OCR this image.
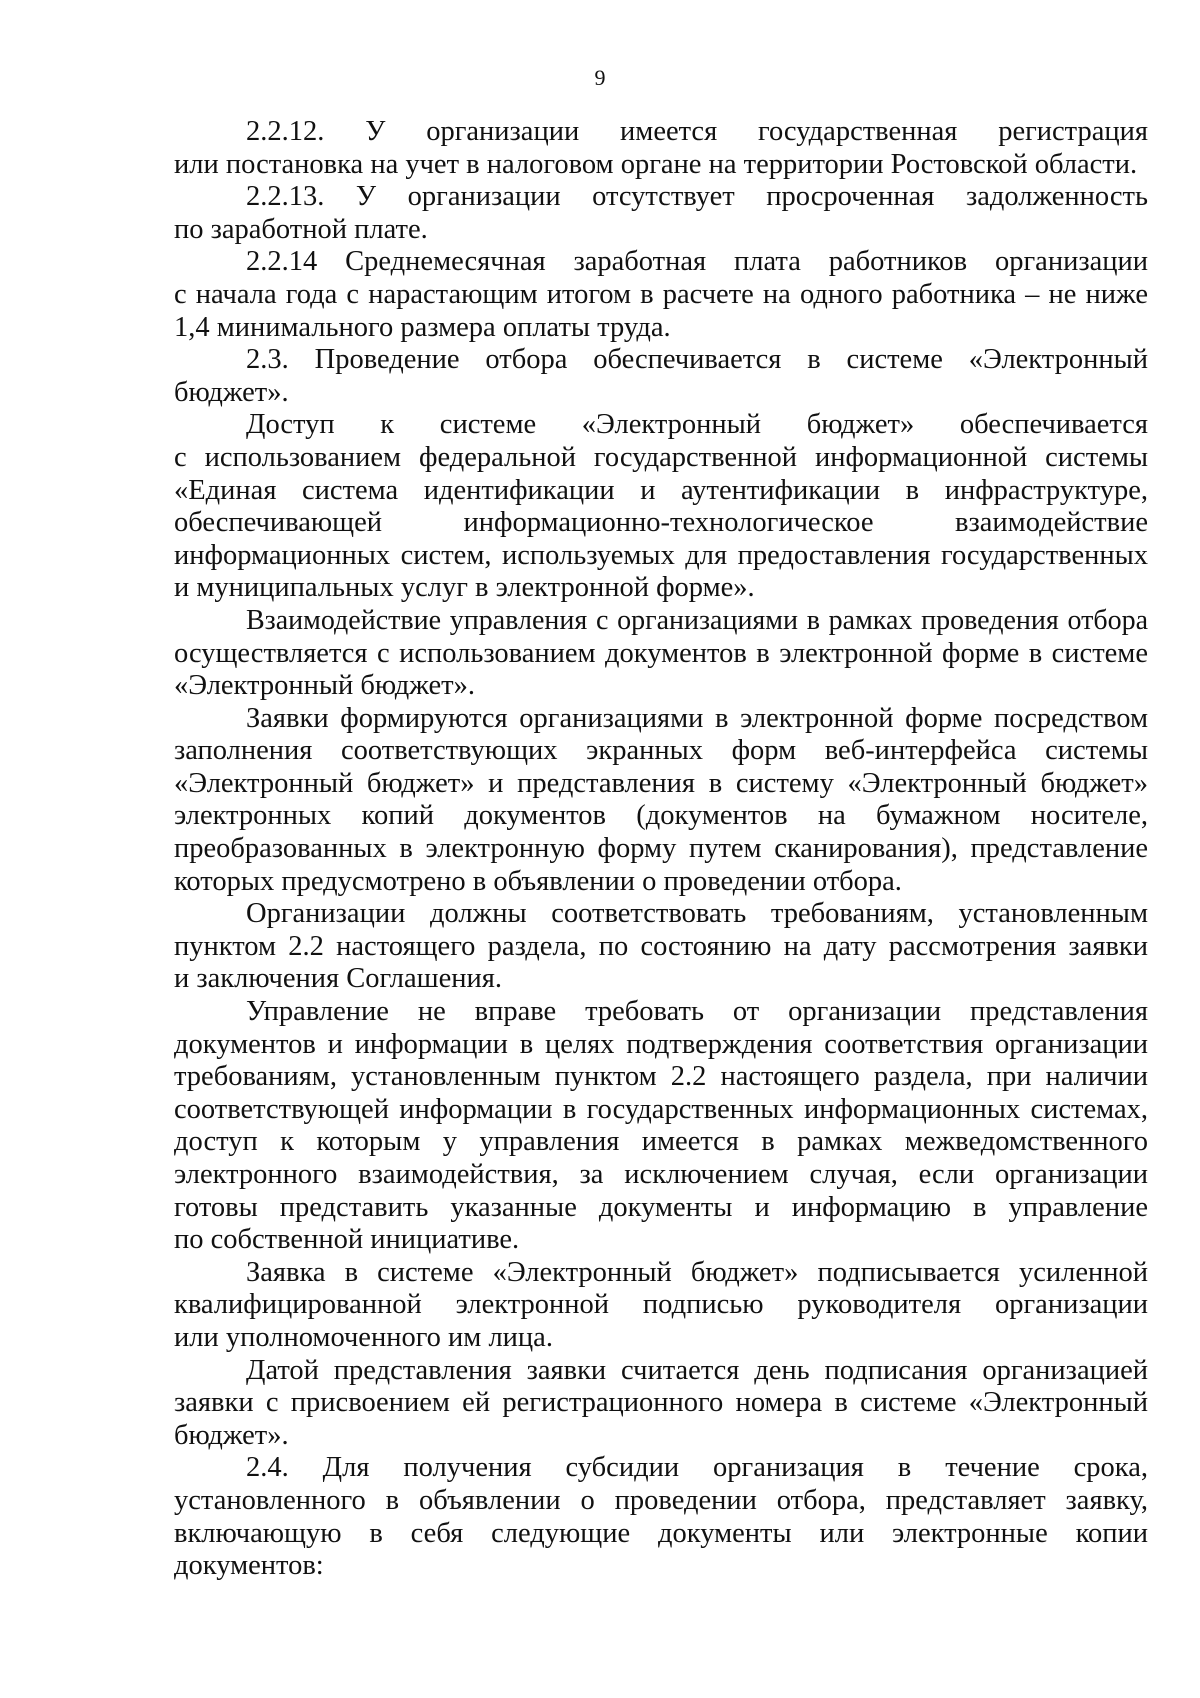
9
2.2.12. У организации имеется государственная регистрация
или постановка на учет в налоговом органе на территории Ростовской области.
2.2.13. У организации отсутствует просроченная задолженность
по заработной плате.
2.2.14 Среднемесячная заработная плата работников организации
с начала года с нарастающим итогом в расчете на одного работника – не ниже
1,4 минимального размера оплаты труда.
2.3. Проведение отбора обеспечивается в системе «Электронный
бюджет».
Доступ к системе «Электронный бюджет» обеспечивается
с использованием федеральной государственной информационной системы
«Единая система идентификации и аутентификации в инфраструктуре,
обеспечивающей информационно-технологическое взаимодействие
информационных систем, используемых для предоставления государственных
и муниципальных услуг в электронной форме».
Взаимодействие управления с организациями в рамках проведения отбора
осуществляется с использованием документов в электронной форме в системе
«Электронный бюджет».
Заявки формируются организациями в электронной форме посредством
заполнения соответствующих экранных форм веб-интерфейса системы
«Электронный бюджет» и представления в систему «Электронный бюджет»
электронных копий документов (документов на бумажном носителе,
преобразованных в электронную форму путем сканирования), представление
которых предусмотрено в объявлении о проведении отбора.
Организации должны соответствовать требованиям, установленным
пунктом 2.2 настоящего раздела, по состоянию на дату рассмотрения заявки
и заключения Соглашения.
Управление не вправе требовать от организации представления
документов и информации в целях подтверждения соответствия организации
требованиям, установленным пунктом 2.2 настоящего раздела, при наличии
соответствующей информации в государственных информационных системах,
доступ к которым у управления имеется в рамках межведомственного
электронного взаимодействия, за исключением случая, если организации
готовы представить указанные документы и информацию в управление
по собственной инициативе.
Заявка в системе «Электронный бюджет» подписывается усиленной
квалифицированной электронной подписью руководителя организации
или уполномоченного им лица.
Датой представления заявки считается день подписания организацией
заявки с присвоением ей регистрационного номера в системе «Электронный
бюджет».
2.4. Для получения субсидии организация в течение срока,
установленного в объявлении о проведении отбора, представляет заявку,
включающую в себя следующие документы или электронные копии
документов:
